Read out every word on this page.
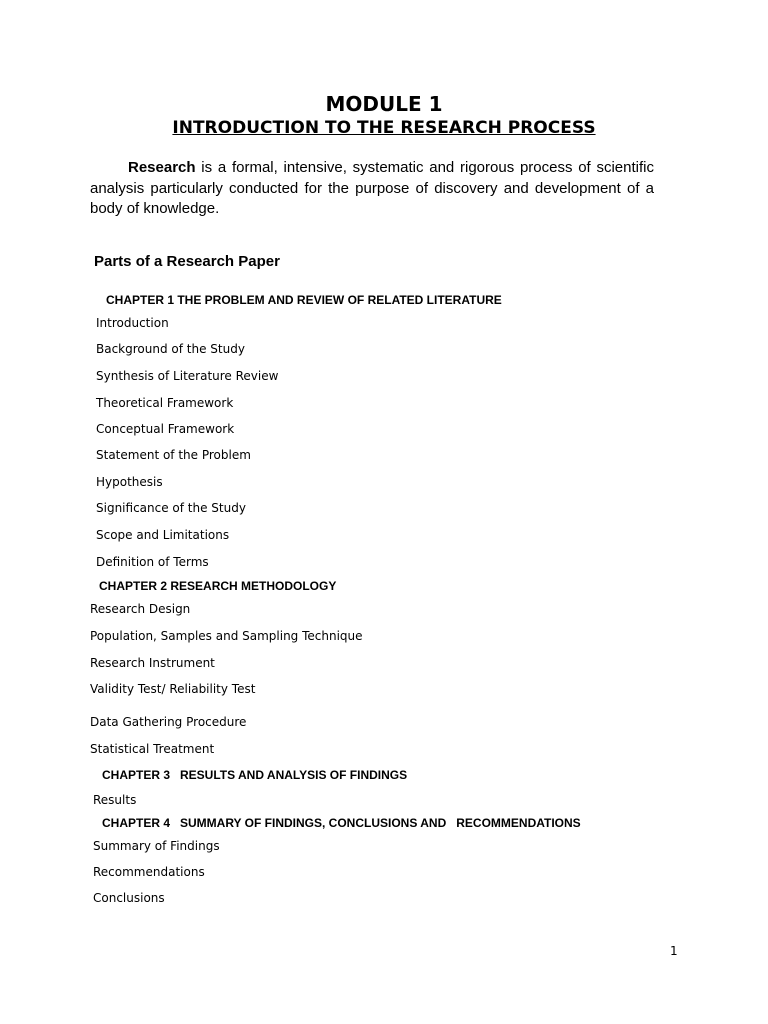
MODULE 1
INTRODUCTION TO THE RESEARCH PROCESS
Research is a formal, intensive, systematic and rigorous process of scientific
analysis particularly conducted for the purpose of discovery and development of a
body of knowledge.
Parts of a Research Paper
CHAPTER 1 THE PROBLEM AND REVIEW OF RELATED LITERATURE
Introduction
Background of the Study
Synthesis of Literature Review
Theoretical Framework
Conceptual Framework
Statement of the Problem
Hypothesis
Significance of the Study
Scope and Limitations
Definition of Terms
CHAPTER 2 RESEARCH METHODOLOGY
Research Design
Population, Samples and Sampling Technique
Research Instrument
Validity Test/ Reliability Test
Data Gathering Procedure
Statistical Treatment
CHAPTER 3   RESULTS AND ANALYSIS OF FINDINGS
Results
CHAPTER 4   SUMMARY OF FINDINGS, CONCLUSIONS AND   RECOMMENDATIONS
Summary of Findings
Recommendations
Conclusions
1
